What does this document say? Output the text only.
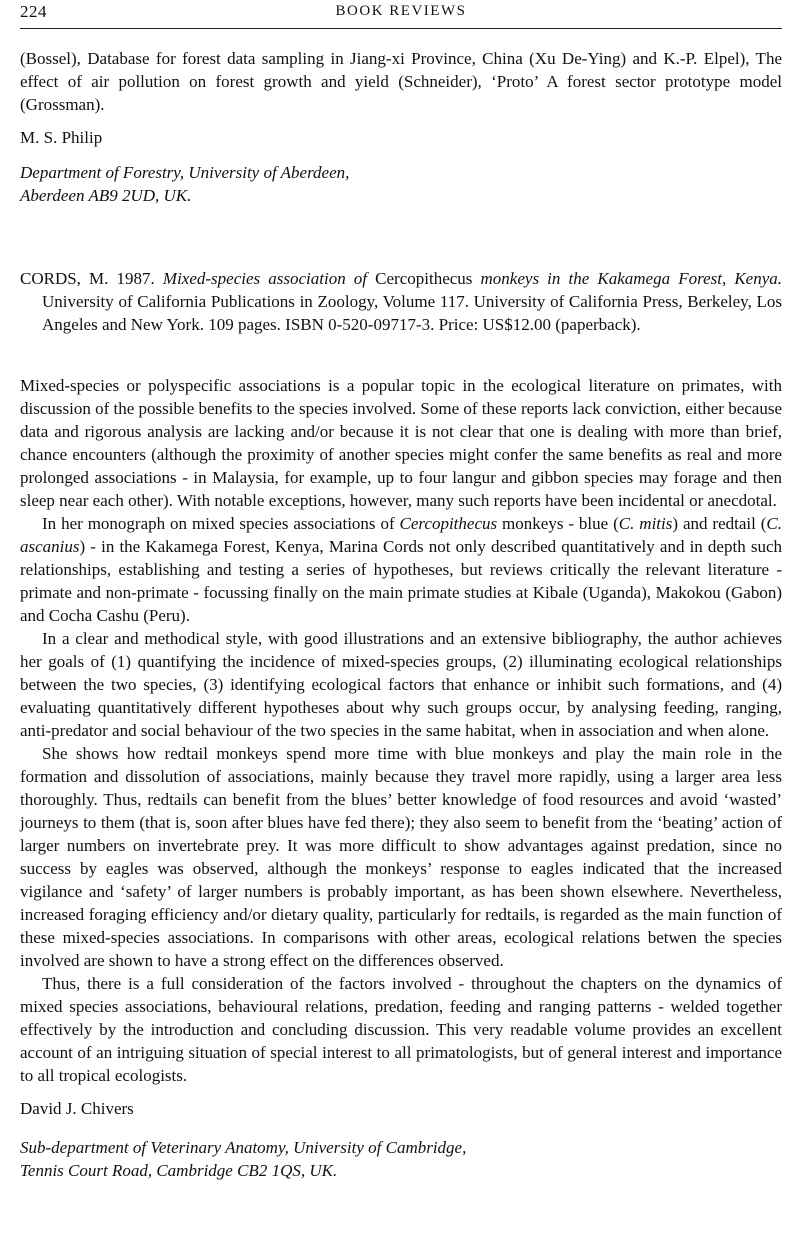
224	BOOK REVIEWS

(Bossel), Database for forest data sampling in Jiang-xi Province, China (Xu De-Ying) and K.-P. Elpel), The effect of air pollution on forest growth and yield (Schneider), ‘Proto’ A forest sector prototype model (Grossman).

M. S. Philip

Department of Forestry, University of Aberdeen,
Aberdeen AB9 2UD, UK.

CORDS, M. 1987. Mixed-species association of Cercopithecus monkeys in the Kakamega Forest, Kenya. University of California Publications in Zoology, Volume 117. University of California Press, Berkeley, Los Angeles and New York. 109 pages. ISBN 0-520-09717-3. Price: US$12.00 (paperback).

Mixed-species or polyspecific associations is a popular topic in the ecological literature on primates, with discussion of the possible benefits to the species involved. Some of these reports lack conviction, either because data and rigorous analysis are lacking and/or because it is not clear that one is dealing with more than brief, chance encounters (although the proximity of another species might confer the same benefits as real and more prolonged associations - in Malaysia, for example, up to four langur and gibbon species may forage and then sleep near each other). With notable exceptions, however, many such reports have been incidental or anecdotal.

In her monograph on mixed species associations of Cercopithecus monkeys - blue (C. mitis) and redtail (C. ascanius) - in the Kakamega Forest, Kenya, Marina Cords not only described quantitatively and in depth such relationships, establishing and testing a series of hypotheses, but reviews critically the relevant literature - primate and non-primate - focussing finally on the main primate studies at Kibale (Uganda), Makokou (Gabon) and Cocha Cashu (Peru).

In a clear and methodical style, with good illustrations and an extensive bibliography, the author achieves her goals of (1) quantifying the incidence of mixed-species groups, (2) illuminating ecological relationships between the two species, (3) identifying ecological factors that enhance or inhibit such formations, and (4) evaluating quantitatively different hypotheses about why such groups occur, by analysing feeding, ranging, anti-predator and social behaviour of the two species in the same habitat, when in association and when alone.

She shows how redtail monkeys spend more time with blue monkeys and play the main role in the formation and dissolution of associations, mainly because they travel more rapidly, using a larger area less thoroughly. Thus, redtails can benefit from the blues’ better knowledge of food resources and avoid ‘wasted’ journeys to them (that is, soon after blues have fed there); they also seem to benefit from the ‘beating’ action of larger numbers on invertebrate prey. It was more difficult to show advantages against predation, since no success by eagles was observed, although the monkeys’ response to eagles indicated that the increased vigilance and ‘safety’ of larger numbers is probably important, as has been shown elsewhere. Nevertheless, increased foraging efficiency and/or dietary quality, particularly for redtails, is regarded as the main function of these mixed-species associations. In comparisons with other areas, ecological relations betwen the species involved are shown to have a strong effect on the differences observed.

Thus, there is a full consideration of the factors involved - throughout the chapters on the dynamics of mixed species associations, behavioural relations, predation, feeding and ranging patterns - welded together effectively by the introduction and concluding discussion. This very readable volume provides an excellent account of an intriguing situation of special interest to all primatologists, but of general interest and importance to all tropical ecologists.

David J. Chivers

Sub-department of Veterinary Anatomy, University of Cambridge,
Tennis Court Road, Cambridge CB2 1QS, UK.
